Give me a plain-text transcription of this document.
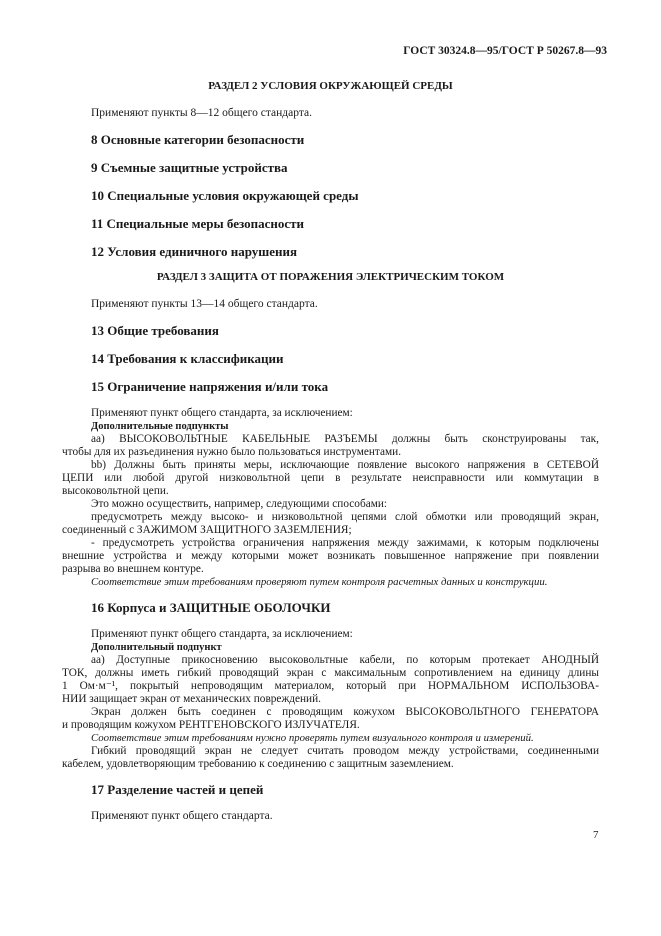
ГОСТ 30324.8—95/ГОСТ Р 50267.8—93
РАЗДЕЛ 2 УСЛОВИЯ ОКРУЖАЮЩЕЙ СРЕДЫ
Применяют пункты 8—12 общего стандарта.
8 Основные категории безопасности
9 Съемные защитные устройства
10 Специальные условия окружающей среды
11 Специальные меры безопасности
12 Условия единичного нарушения
РАЗДЕЛ 3 ЗАЩИТА ОТ ПОРАЖЕНИЯ ЭЛЕКТРИЧЕСКИМ ТОКОМ
Применяют пункты 13—14 общего стандарта.
13 Общие требования
14 Требования к классификации
15 Ограничение напряжения и/или тока
Применяют пункт общего стандарта, за исключением:
Дополнительные подпункты
аа) ВЫСОКОВОЛЬТНЫЕ КАБЕЛЬНЫЕ РАЗЪЕМЫ должны быть сконструированы так,
чтобы для их разъединения нужно было пользоваться инструментами.
bb) Должны быть приняты меры, исключающие появление высокого напряжения в СЕТЕВОЙ
ЦЕПИ или любой другой низковольтной цепи в результате неисправности или коммутации в
высоковольтной цепи.
Это можно осуществить, например, следующими способами:
предусмотреть между высоко- и низковольтной цепями слой обмотки или проводящий экран,
соединенный с ЗАЖИМОМ ЗАЩИТНОГО ЗАЗЕМЛЕНИЯ;
- предусмотреть устройства ограничения напряжения между зажимами, к которым подключены
внешние устройства и между которыми может возникать повышенное напряжение при появлении
разрыва во внешнем контуре.
Соответствие этим требованиям проверяют путем контроля расчетных данных и конструкции.
16 Корпуса и ЗАЩИТНЫЕ ОБОЛОЧКИ
Применяют пункт общего стандарта, за исключением:
Дополнительный подпункт
аа) Доступные прикосновению высоковольтные кабели, по которым протекает АНОДНЫЙ
ТОК, должны иметь гибкий проводящий экран с максимальным сопротивлением на единицу длины
1 Ом·м⁻¹, покрытый непроводящим материалом, который при НОРМАЛЬНОМ ИСПОЛЬЗОВА-
НИИ защищает экран от механических повреждений.
Экран должен быть соединен с проводящим кожухом ВЫСОКОВОЛЬТНОГО ГЕНЕРАТОРА
и проводящим кожухом РЕНТГЕНОВСКОГО ИЗЛУЧАТЕЛЯ.
Соответствие этим требованиям нужно проверять путем визуального контроля и измерений.
Гибкий проводящий экран не следует считать проводом между устройствами, соединенными
кабелем, удовлетворяющим требованию к соединению с защитным заземлением.
17 Разделение частей и цепей
Применяют пункт общего стандарта.
7
